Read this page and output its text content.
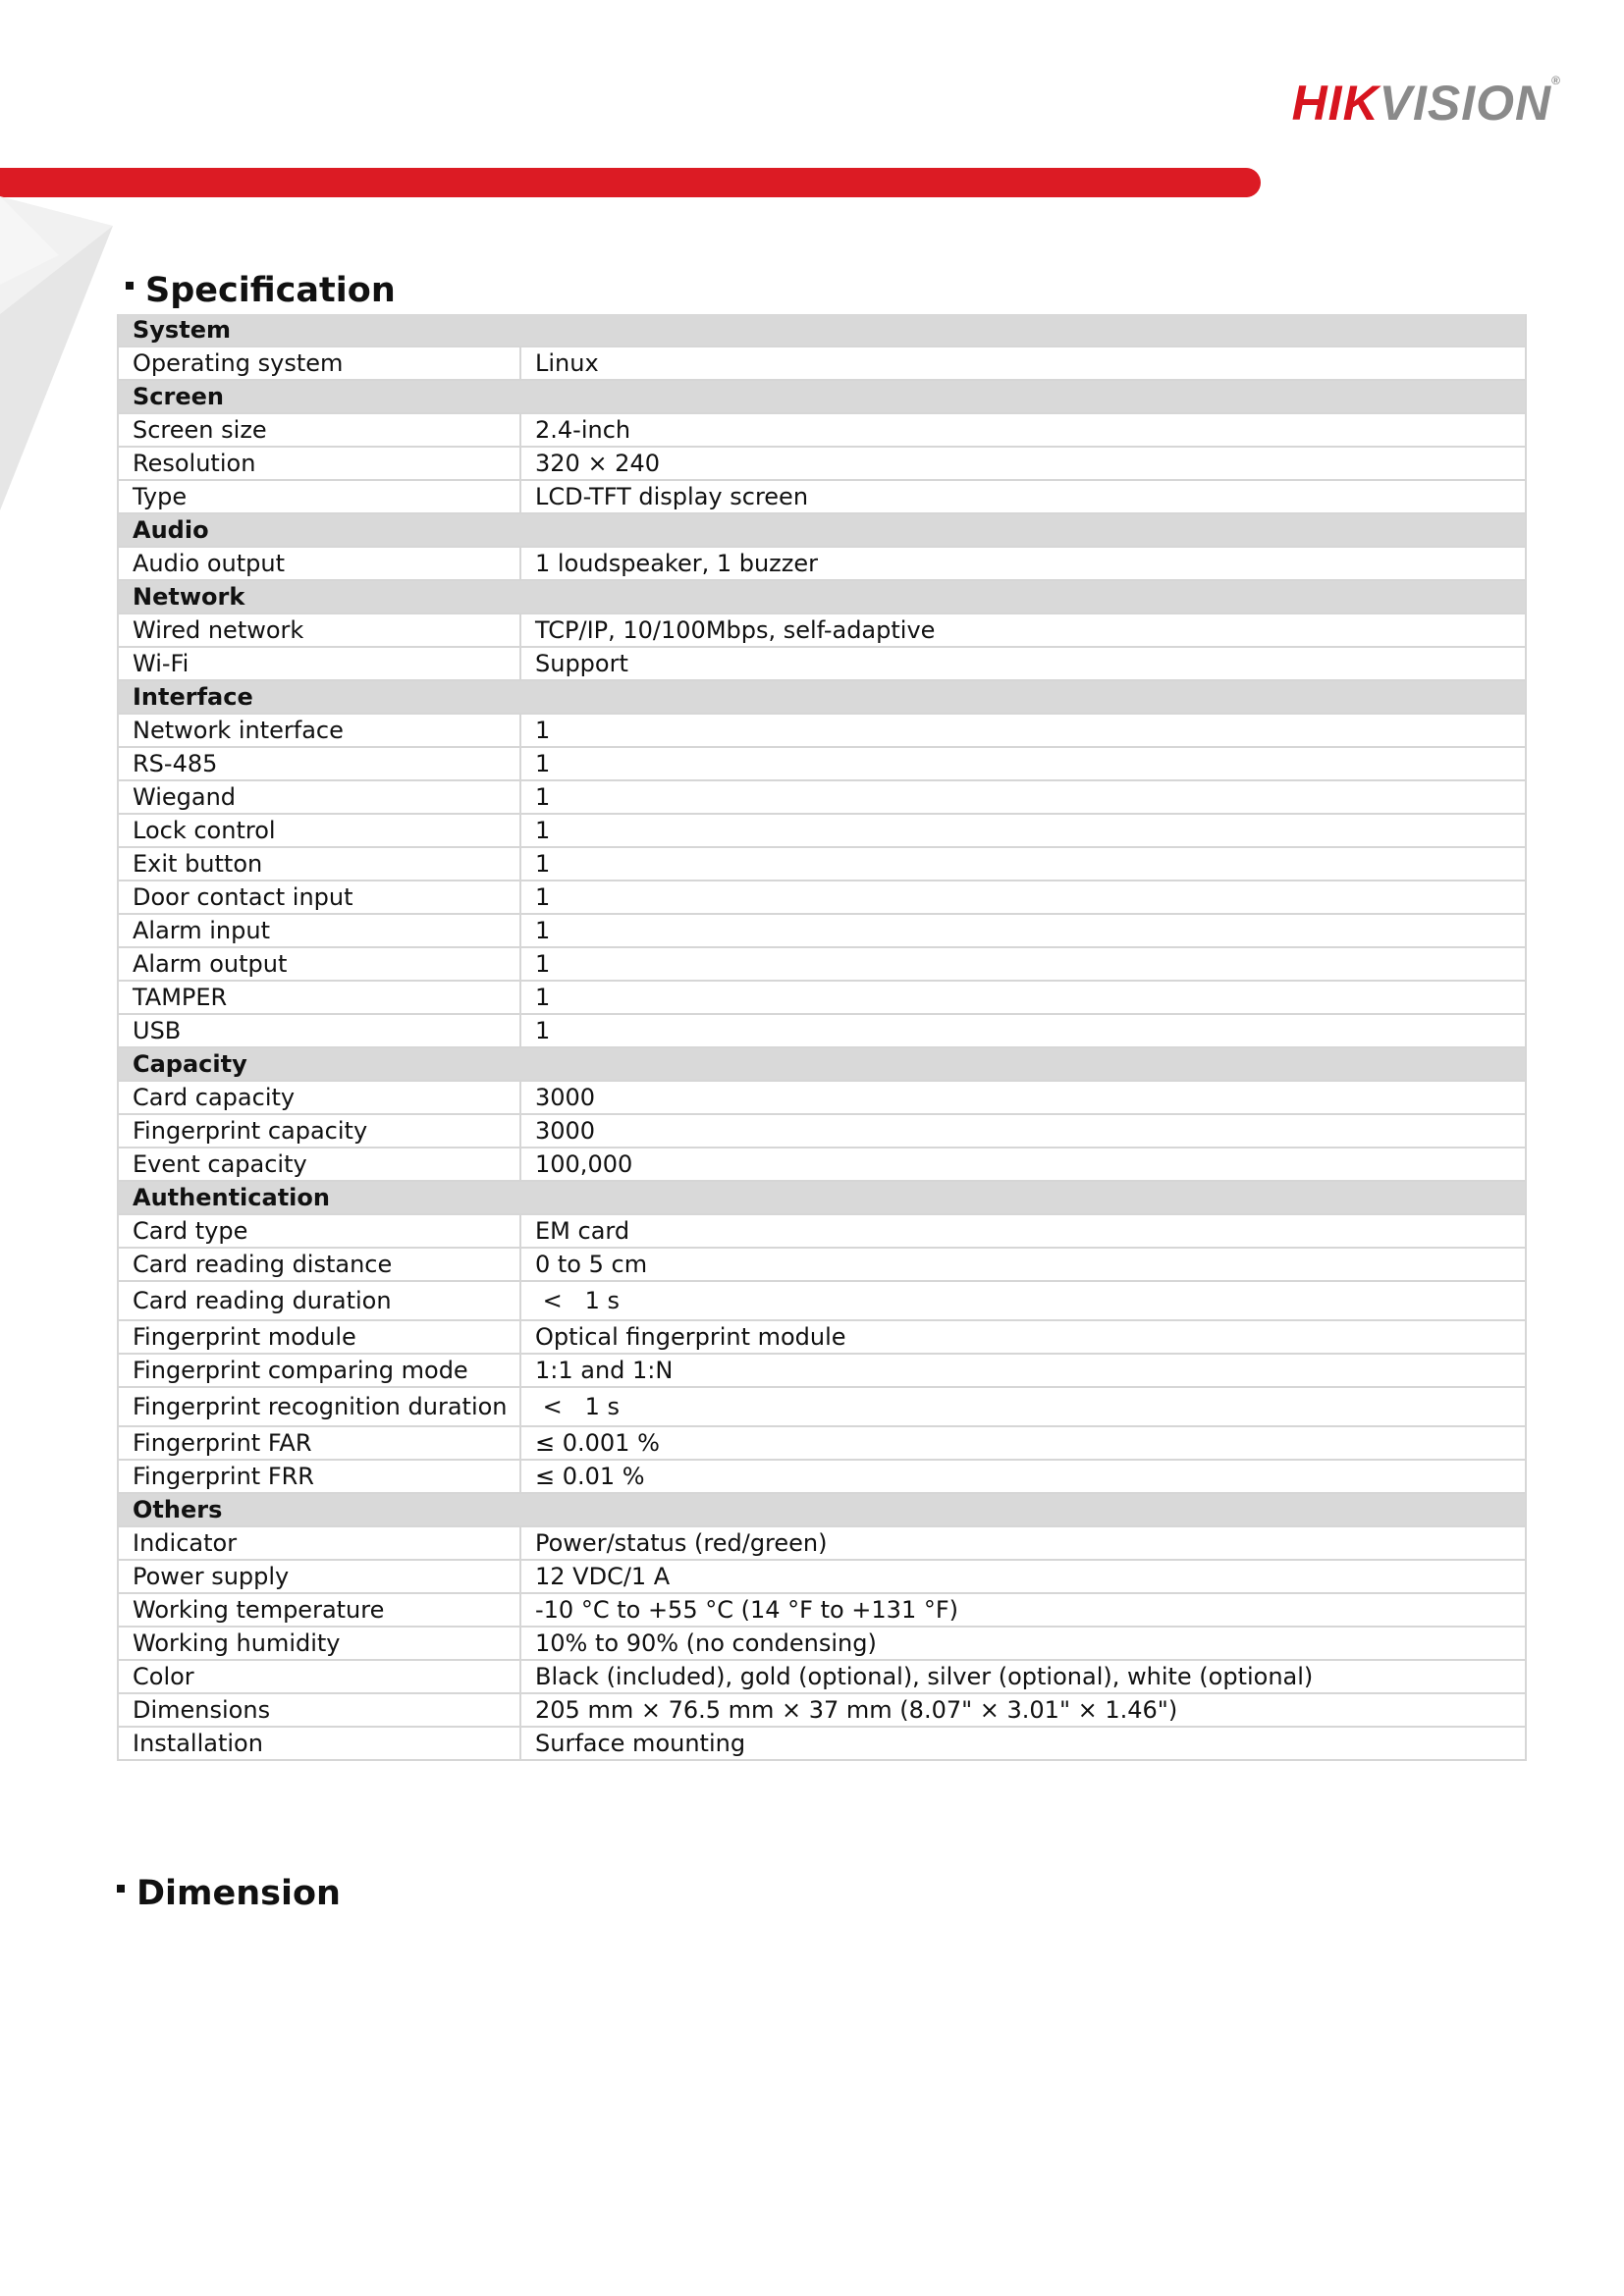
HIKVISION®
Specification
System	
Operating system	Linux
Screen	
Screen size	2.4-inch
Resolution	320 × 240
Type	LCD-TFT display screen
Audio	
Audio output	1 loudspeaker, 1 buzzer
Network	
Wired network	TCP/IP, 10/100Mbps, self-adaptive
Wi-Fi	Support
Interface	
Network interface	1
RS-485	1
Wiegand	1
Lock control	1
Exit button	1
Door contact input	1
Alarm input	1
Alarm output	1
TAMPER	1
USB	1
Capacity	
Card capacity	3000
Fingerprint capacity	3000
Event capacity	100,000
Authentication	
Card type	EM card
Card reading distance	0 to 5 cm
Card reading duration	<   1 s
Fingerprint module	Optical fingerprint module
Fingerprint comparing mode	1:1 and 1:N
Fingerprint recognition duration	<   1 s
Fingerprint FAR	≤ 0.001 %
Fingerprint FRR	≤ 0.01 %
Others	
Indicator	Power/status (red/green)
Power supply	12 VDC/1 A
Working temperature	-10 °C to +55 °C (14 °F to +131 °F)
Working humidity	10% to 90% (no condensing)
Color	Black (included), gold (optional), silver (optional), white (optional)
Dimensions	205 mm × 76.5 mm × 37 mm (8.07" × 3.01" × 1.46")
Installation	Surface mounting
Dimension
